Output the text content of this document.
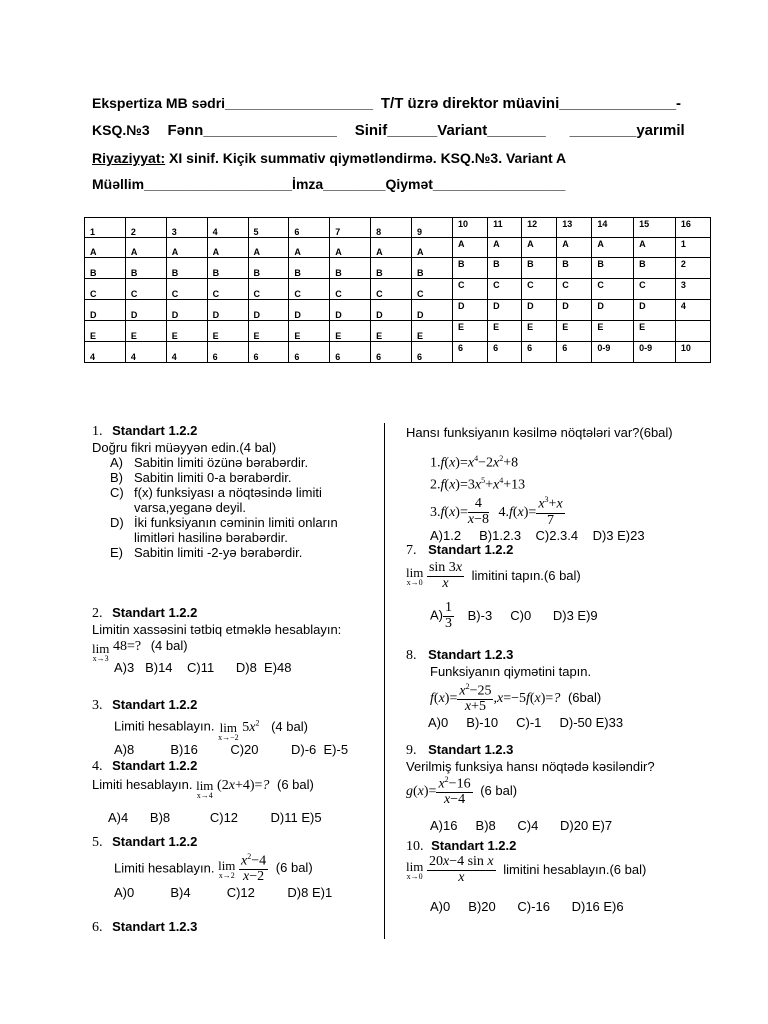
Ekspertiza MB sədri___________________ T/T üzrə direktor müavini______________-
KSQ.№3 Fənn________________ Sinif______Variant_______ ________yarımil
Riyaziyyat: XI sinif. Kiçik summativ qiymətləndirmə. KSQ.№3. Variant A
Müəllim___________________İmza________Qiymət_________________
1	2	3	4	5	6	7	8	9
A	A	A	A	A	A	A	A	A
B	B	B	B	B	B	B	B	B
C	C	C	C	C	C	C	C	C
D	D	D	D	D	D	D	D	D
E	E	E	E	E	E	E	E	E
4	4	4	6	6	6	6	6	6
10	11	12	13	14	15	16
A	A	A	A	A	A	1
B	B	B	B	B	B	2
C	C	C	C	C	C	3
D	D	D	D	D	D	4
E	E	E	E	E	E	
6	6	6	6	0-9	0-9	10
1. Standart 1.2.2
Doğru fikri müəyyən edin.(4 bal)
A) Sabitin limiti özünə bərabərdir.
B) Sabitin limiti 0-a bərabərdir.
C) f(x) funksiyası a nöqtəsində limiti
varsa,yeganə deyil.
D) İki funksiyanın cəminin limiti onların
limitləri hasilinə bərabərdir.
E) Sabitin limiti -2-yə bərabərdir.
2. Standart 1.2.2
Limitin xassəsini tətbiq etməklə hesablayın:
lim
x→3
48=? (4 bal)
A)3   B)14    C)11      D)8  E)48
3. Standart 1.2.2
Limiti hesablayın. lim
x→−2
$5x^2$ (4 bal)
A)8          B)16         C)20         D)-6  E)-5
4. Standart 1.2.2
Limiti hesablayın. lim
x→4
(2x+4)=? (6 bal)
A)4      B)8           C)12         D)11 E)5
5. Standart 1.2.2
Limiti hesablayın. lim
x→2
$\frac{x^2-4}{x-2} (6$ bal)
A)0          B)4          C)12         D)8 E)1
6. Standart 1.2.3
Hansı funksiyanın kəsilmə nöqtələri var?(6bal)
$1.f(x)=x^4-2x^2+8$
$2.f(x)=3x^5+x^4+13$
$3.f(x)= \frac{4}{x-8} 4.f(x)= \frac{x^3+x}{7}$
A)1.2     B)1.2.3    C)2.3.4    D)3 E)23
7. Standart 1.2.2
lim
x→0
$\frac{\sin 3x}{x}$ limitini tapın.(6 bal)
$A) \frac{1}{3} B)-3$     C)0      D)3 E)9
8. Standart 1.2.3
Funksiyanın qiymətini tapın.
$f(x)= \frac{x^2-25}{x+5} ,x=-5f(x)=$? (6bal)
A)0     B)-10     C)-1     D)-50 E)33
9. Standart 1.2.3
Verilmiş funksiya hansı nöqtədə kəsiləndir?
$g(x)= \frac{x^2-16}{x-4} (6$ bal)
A)16     B)8      C)4      D)20 E)7
10. Standart 1.2.2
lim
x→0
$\frac{\text{20x−4 sin x}}{x}$ limitini hesablayın.(6 bal)
A)0     B)20      C)-16      D)16 E)6
